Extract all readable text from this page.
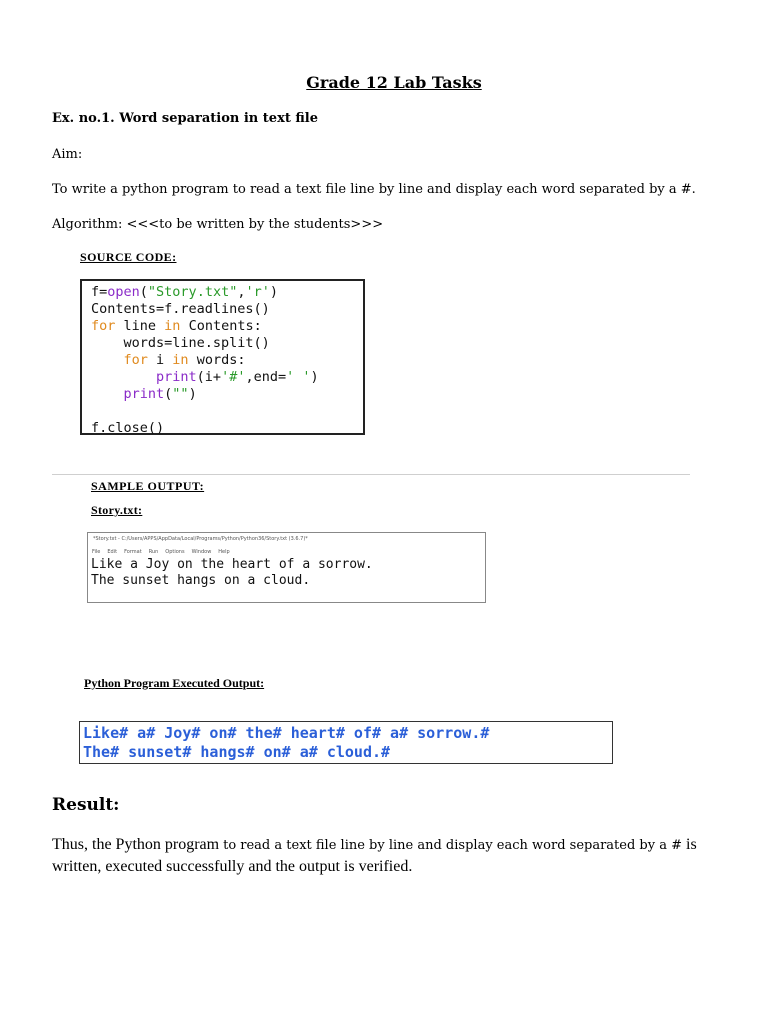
Grade 12 Lab Tasks
Ex. no.1. Word separation in text file
Aim:
To write a python program to read a text file line by line and display each word separated by a #.
Algorithm: <<<to be written by the students>>>
SOURCE CODE:
f=open("Story.txt",'r')
Contents=f.readlines()
for line in Contents:
words=line.split()
for i in words:
print(i+'#',end=' ')
print("")
f.close()
SAMPLE OUTPUT:
Story.txt:
*Story.txt - C:/Users/APPS/AppData/Local/Programs/Python/Python36/Story.txt (3.6.7)*
File Edit Format Run Options Window Help
Like a Joy on the heart of a sorrow.
The sunset hangs on a cloud.
Python Program Executed Output:
Like# a# Joy# on# the# heart# of# a# sorrow.#
The# sunset# hangs# on# a# cloud.#
Result:
Thus, the Python program to read a text file line by line and display each word separated by a # is written, executed successfully and the output is verified.
